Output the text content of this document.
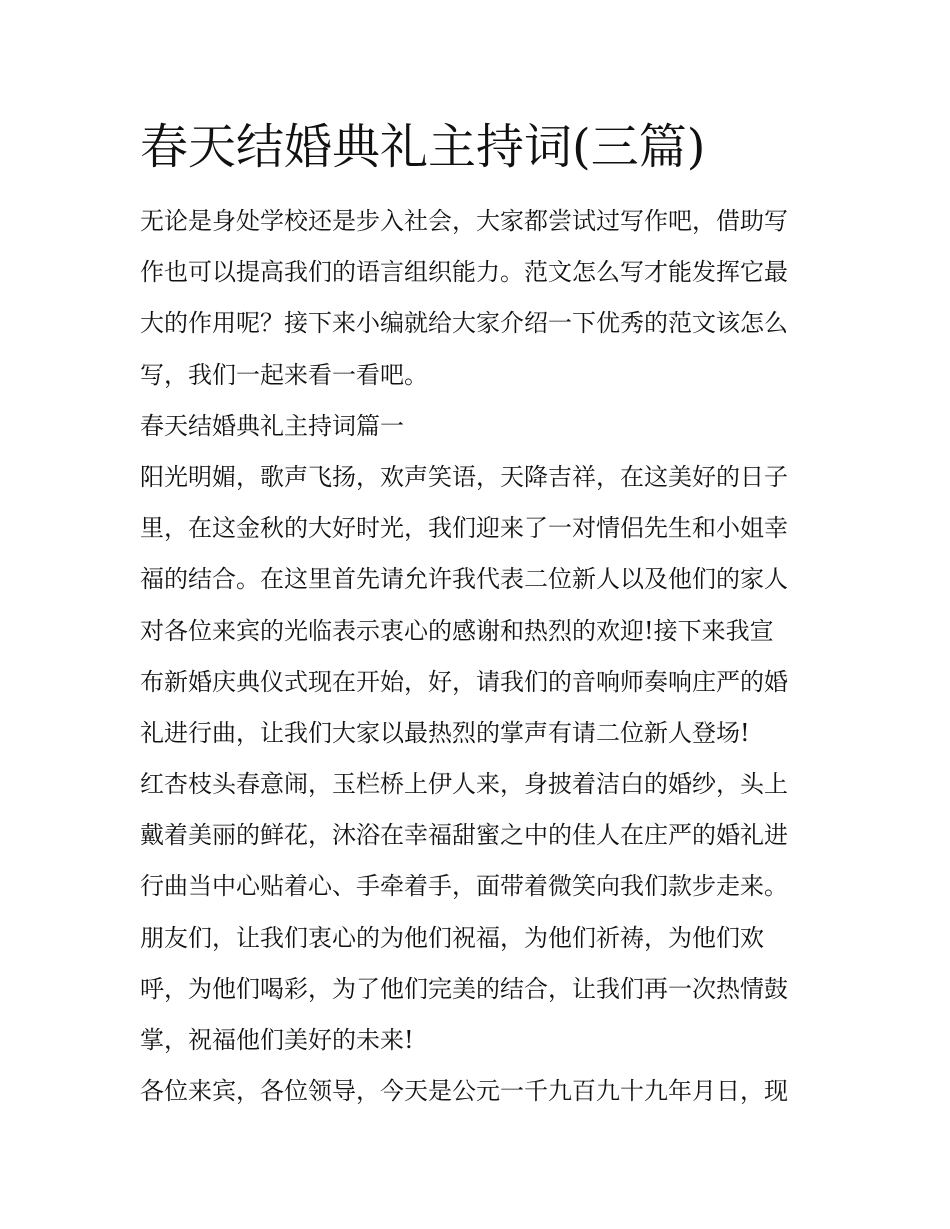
春天结婚典礼主持词(三篇)
无论是身处学校还是步入社会，大家都尝试过写作吧，借助写
作也可以提高我们的语言组织能力。范文怎么写才能发挥它最
大的作用呢？接下来小编就给大家介绍一下优秀的范文该怎么
写，我们一起来看一看吧。
春天结婚典礼主持词篇一
阳光明媚，歌声飞扬，欢声笑语，天降吉祥，在这美好的日子
里，在这金秋的大好时光，我们迎来了一对情侣先生和小姐幸
福的结合。在这里首先请允许我代表二位新人以及他们的家人
对各位来宾的光临表示衷心的感谢和热烈的欢迎!接下来我宣
布新婚庆典仪式现在开始，好，请我们的音响师奏响庄严的婚
礼进行曲，让我们大家以最热烈的掌声有请二位新人登场!
红杏枝头春意闹，玉栏桥上伊人来，身披着洁白的婚纱，头上
戴着美丽的鲜花，沐浴在幸福甜蜜之中的佳人在庄严的婚礼进
行曲当中心贴着心、手牵着手，面带着微笑向我们款步走来。
朋友们，让我们衷心的为他们祝福，为他们祈祷，为他们欢
呼，为他们喝彩，为了他们完美的结合，让我们再一次热情鼓
掌，祝福他们美好的未来!
各位来宾，各位领导，今天是公元一千九百九十九年月日，现
